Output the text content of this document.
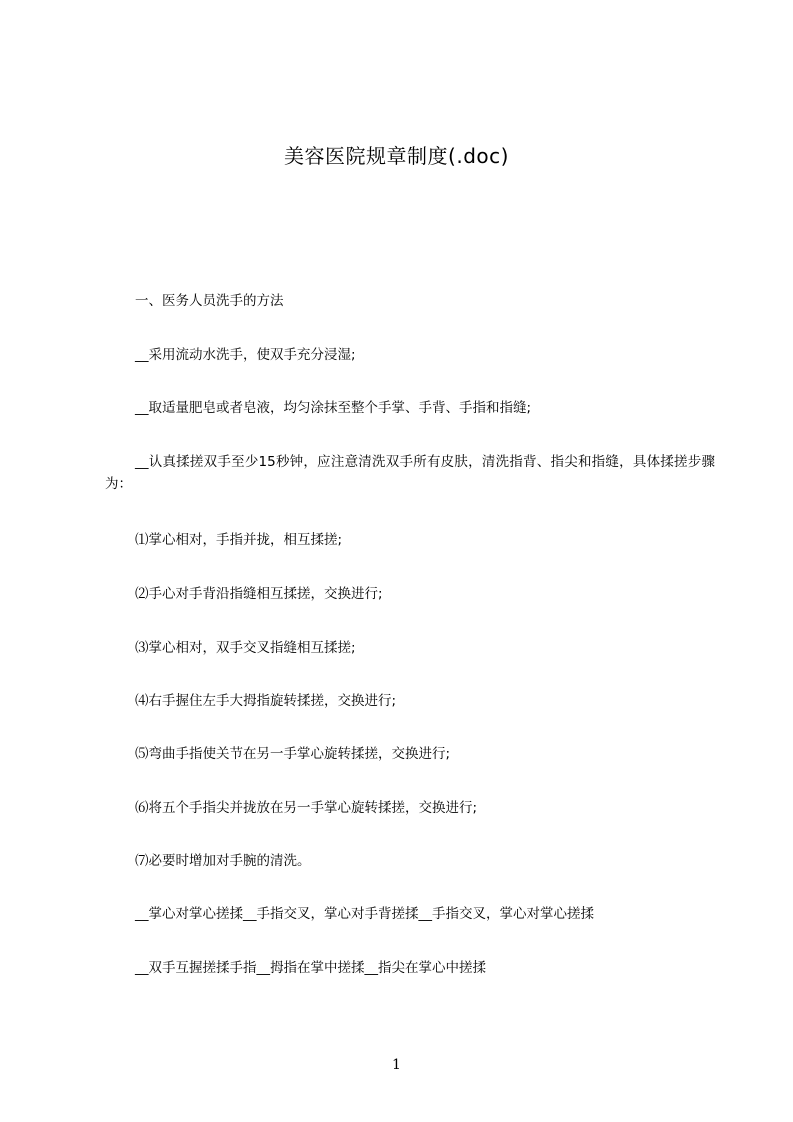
美容医院规章制度(.doc)
一、医务人员洗手的方法
__采用流动水洗手，使双手充分浸湿;
__取适量肥皂或者皂液，均匀涂抹至整个手掌、手背、手指和指缝;
__认真揉搓双手至少15秒钟，应注意清洗双手所有皮肤，清洗指背、指尖和指缝，具体揉搓步骤为：
⑴掌心相对，手指并拢，相互揉搓;
⑵手心对手背沿指缝相互揉搓，交换进行;
⑶掌心相对，双手交叉指缝相互揉搓;
⑷右手握住左手大拇指旋转揉搓，交换进行;
⑸弯曲手指使关节在另一手掌心旋转揉搓，交换进行;
⑹将五个手指尖并拢放在另一手掌心旋转揉搓，交换进行;
⑺必要时增加对手腕的清洗。
__掌心对掌心搓揉__手指交叉，掌心对手背搓揉__手指交叉，掌心对掌心搓揉
__双手互握搓揉手指__拇指在掌中搓揉__指尖在掌心中搓揉
1
